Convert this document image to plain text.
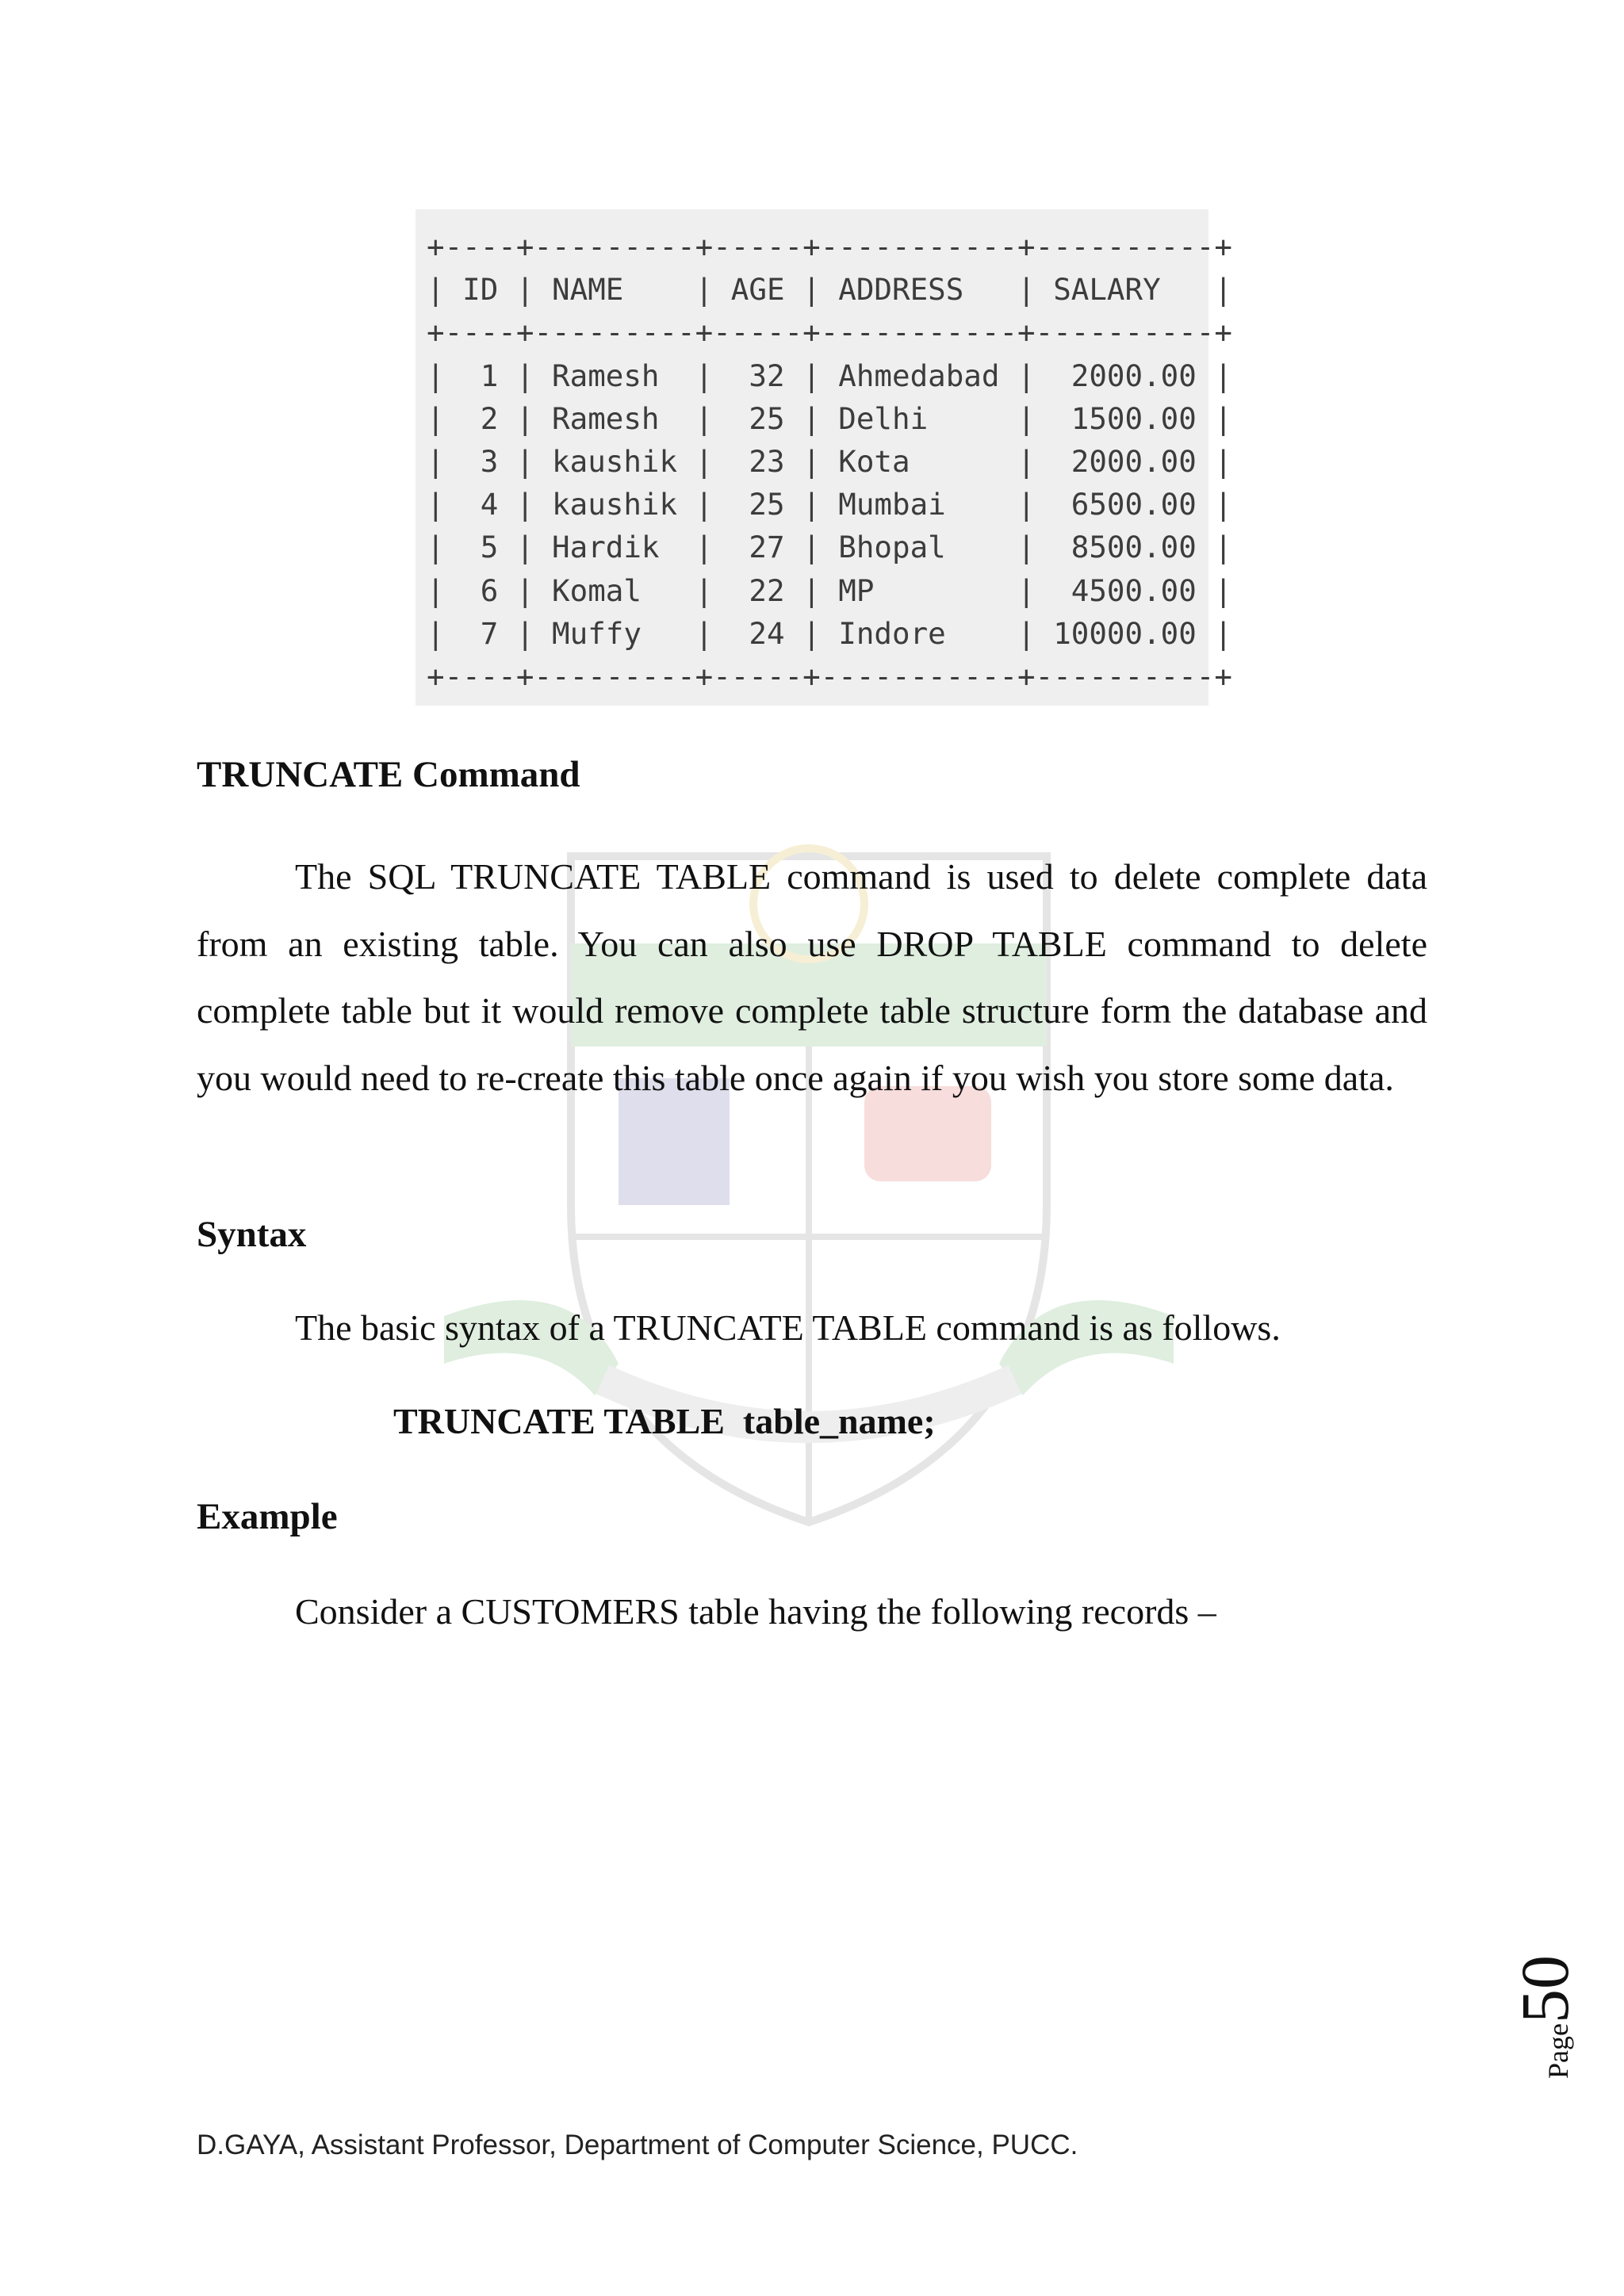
+----+---------+-----+-----------+----------+
| ID | NAME    | AGE | ADDRESS   | SALARY   |
+----+---------+-----+-----------+----------+
|  1 | Ramesh  |  32 | Ahmedabad |  2000.00 |
|  2 | Ramesh  |  25 | Delhi     |  1500.00 |
|  3 | kaushik |  23 | Kota      |  2000.00 |
|  4 | kaushik |  25 | Mumbai    |  6500.00 |
|  5 | Hardik  |  27 | Bhopal    |  8500.00 |
|  6 | Komal   |  22 | MP        |  4500.00 |
|  7 | Muffy   |  24 | Indore    | 10000.00 |
+----+---------+-----+-----------+----------+
TRUNCATE Command
The SQL TRUNCATE TABLE command is used to delete complete data from an existing table. You can also use DROP TABLE command to delete complete table but it would remove complete table structure form the database and you would need to re-create this table once again if you wish you store some data.
Syntax
The basic syntax of a TRUNCATE TABLE command is as follows.
TRUNCATE TABLE  table_name;
Example
Consider a CUSTOMERS table having the following records –
Page50
D.GAYA, Assistant Professor, Department of Computer Science, PUCC.
